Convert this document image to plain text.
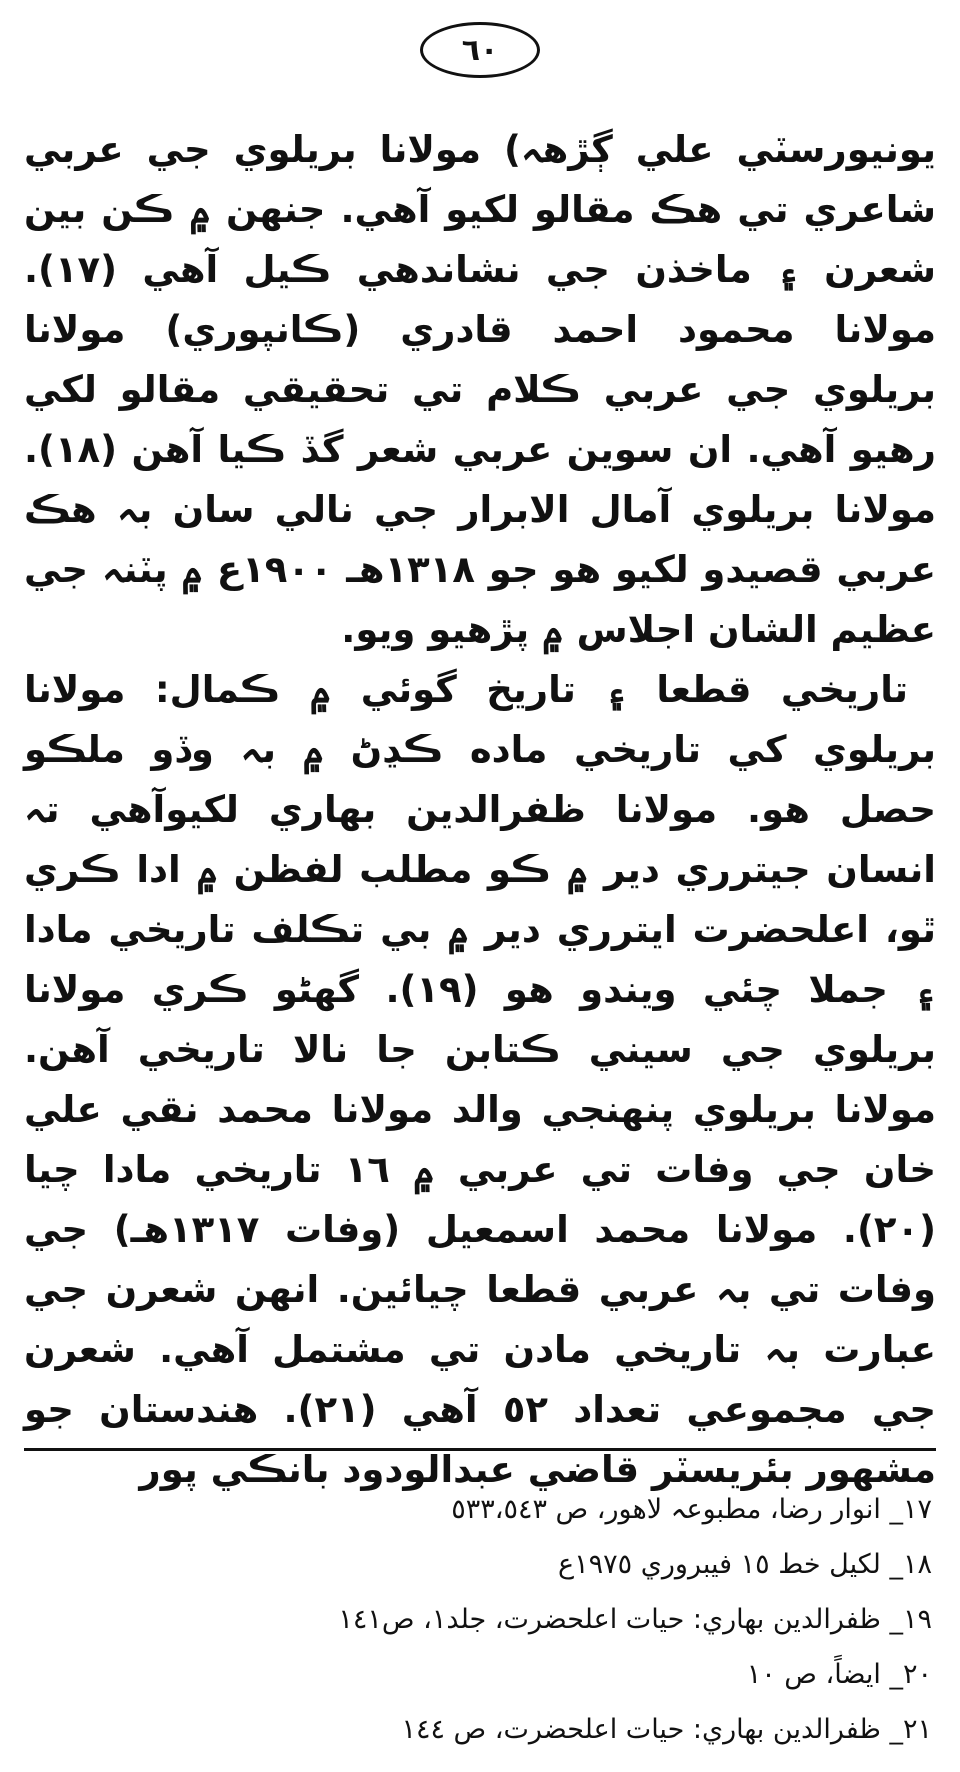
٦٠

يونيورسٽي علي ڳڙهہ) مولانا بريلوي جي عربي شاعري تي هڪ مقالو لکيو آهي. جنهن ۾ ڪن بين شعرن ۽ ماخذن جي نشاندهي ڪيل آهي (١٧). مولانا محمود احمد قادري (ڪانپوري) مولانا بريلوي جي عربي ڪلام تي تحقيقي مقالو لکي رهيو آهي. ان سوين عربي شعر گڏ ڪيا آهن (١٨). مولانا بريلوي آمال الابرار جي نالي سان بہ هڪ عربي قصيدو لکيو هو جو ١٣١٨ھـ ١٩٠٠ع ۾ پٽنہ جي عظيم الشان اجلاس ۾ پڙهيو ويو.

تاريخي قطعا ۽ تاريخ گوئي ۾ ڪمال: مولانا بريلوي کي تاريخي ماده ڪڍڻ ۾ بہ وڏو ملڪو حصل هو. مولانا ظفرالدين بهاري لکيوآهي تہ انسان جيترري دير ۾ ڪو مطلب لفظن ۾ ادا ڪري ٿو، اعلحضرت ايترري دير ۾ بي تڪلف تاريخي مادا ۽ جملا چئي ويندو هو (١٩). گھڻو ڪري مولانا بريلوي جي سيني ڪتابن جا نالا تاريخي آهن. مولانا بريلوي پنهنجي والد مولانا محمد نقي علي خان جي وفات تي عربي ۾ ١٦ تاريخي مادا چيا (٢٠). مولانا محمد اسمعيل (وفات ١٣١٧ھـ) جي وفات تي بہ عربي قطعا چيائين. انهن شعرن جي عبارت بہ تاريخي مادن تي مشتمل آهي. شعرن جي مجموعي تعداد ٥٢ آهي (٢١). هندستان جو مشهور بئريسٽر قاضي عبدالودود بانڪي پور

١٧_ انوار رضا، مطبوعہ لاهور، ص ٥٣٣،٥٤٣
١٨_ لکيل خط ١٥ فيبروري ١٩٧٥ع
١٩_ ظفرالدين بهاري: حيات اعلحضرت، جلد١، ص١٤١
٢٠_ ايضاً، ص ١٠
٢١_ ظفرالدين بهاري: حيات اعلحضرت، ص ١٤٤
